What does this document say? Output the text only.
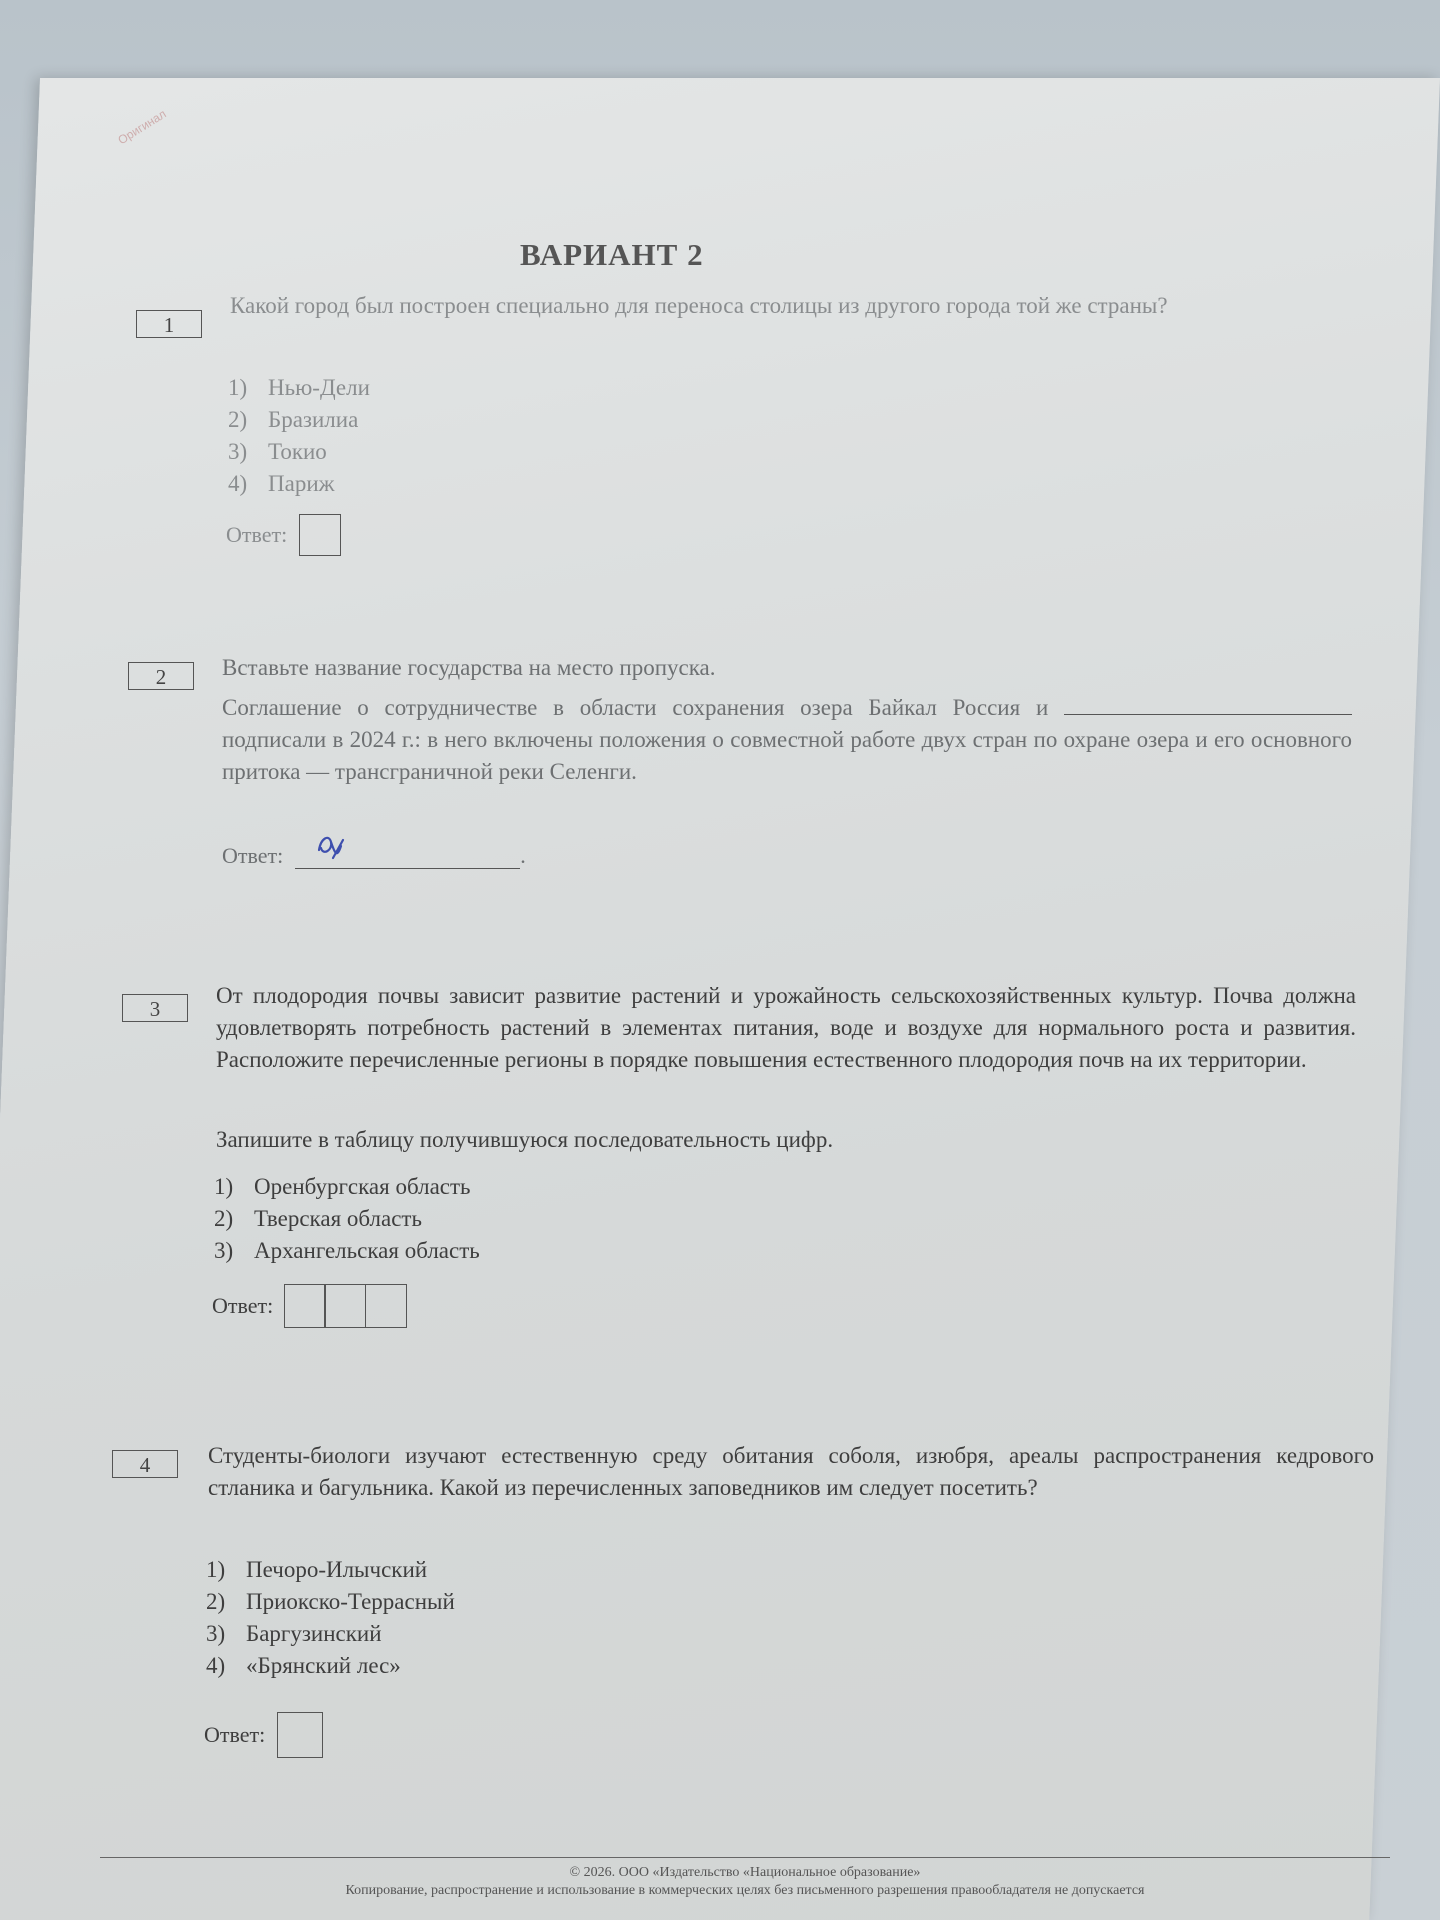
Оригинал
ВАРИАНТ 2
1
Какой город был построен специально для переноса столицы из другого города той же страны?
1) Нью-Дели
2) Бразилиа
3) Токио
4) Париж
Ответ:
2	Вставьте название государства на место пропуска.
Соглашение о сотрудничестве в области сохранения озера Байкал Россия и  подписали в 2024 г.: в него включены положения о совместной работе двух стран по охране озера и его основного притока — трансграничной реки Селенги.
Ответ:	.
3
От плодородия почвы зависит развитие растений и урожайность сельскохозяйственных культур. Почва должна удовлетворять потребность растений в элементах питания, воде и воздухе для нормального роста и развития. Расположите перечисленные регионы в порядке повышения естественного плодородия почв на их территории.
Запишите в таблицу получившуюся последовательность цифр.
1) Оренбургская область
2) Тверская область
3) Архангельская область
Ответ:
4	Студенты-биологи изучают естественную среду обитания соболя, изюбря, ареалы распространения кедрового стланика и багульника. Какой из перечисленных заповедников им следует посетить?
1) Печоро-Илычский
2) Приокско-Террасный
3) Баргузинский
4) «Брянский лес»
Ответ:
© 2026. ООО «Издательство «Национальное образование»
Копирование, распространение и использование в коммерческих целях без письменного разрешения правообладателя не допускается
